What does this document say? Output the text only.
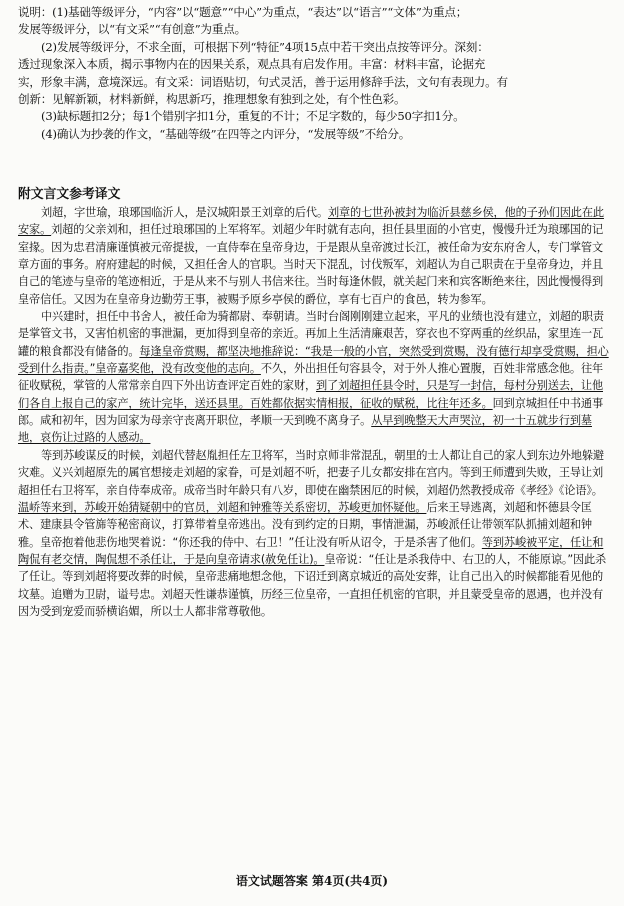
说明：(1)基础等级评分，“内容”以“题意”“中心”为重点，“表达”以“语言”“文体”为重点；

发展等级评分，以“有文采”“有创意”为重点。

(2)发展等级评分，不求全面，可根据下列“特征”4项15点中若干突出点按等评分。深刻：

透过现象深入本质，揭示事物内在的因果关系，观点具有启发作用。丰富：材料丰富，论据充

实，形象丰满，意境深远。有文采：词语贴切，句式灵活，善于运用修辞手法，文句有表现力。有

创新：见解新颖，材料新鲜，构思新巧，推理想象有独到之处，有个性色彩。

(3)缺标题扣2分；每1个错别字扣1分，重复的不计；不足字数的，每少50字扣1分。

(4)确认为抄袭的作文，“基础等级”在四等之内评分，“发展等级”不给分。

附文言文参考译文

刘超，字世瑜，琅琊国临沂人，是汉城阳景王刘章的后代。刘章的七世孙被封为临沂县慈乡侯，他的子孙们因此在此安家。刘超的父亲刘和，担任过琅琊国的上军将军。刘超少年时就有志向，担任县里面的小官吏，慢慢升迁为琅琊国的记室掾。因为忠君清廉谨慎被元帝提拔，一直侍奉在皇帝身边，于是跟从皇帝渡过长江，被任命为安东府舍人，专门掌管文章方面的事务。府府建起的时候，又担任舍人的官职。当时天下混乱，讨伐叛军，刘超认为自己职责在于皇帝身边，并且自己的笔迹与皇帝的笔迹相近，于是从来不与别人书信来往。当时每逢休假，就关起门来和宾客断绝来往，因此慢慢得到皇帝信任。又因为在皇帝身边勤劳王事，被赐予原乡亭侯的爵位，享有七百户的食邑，转为参军。

中兴建时，担任中书舍人，被任命为骑都尉、奉朝请。当时台阁刚刚建立起来，平凡的业绩也没有建立，刘超的职责是掌管文书，又害怕机密的事泄漏，更加得到皇帝的亲近。再加上生活清廉艰苦，穿衣也不穿两重的丝织品，家里连一瓦罐的粮食都没有储备的。每逢皇帝赏赐，都坚决地推辞说：“我是一般的小官，突然受到赏赐，没有德行却享受赏赐，担心受到什么指责。”皇帝嘉奖他，没有改变他的志向。不久，外出担任句容县令，对于外人推心置腹，百姓非常感念他。往年征收赋税，掌管的人常常亲自四下外出访查评定百姓的家财，到了刘超担任县令时，只是写一封信，每村分别送去，让他们各自上报自己的家产，统计完毕，送还县里。百姓都依据实情相报，征收的赋税，比往年还多。回到京城担任中书通事郎。咸和初年，因为回家为母亲守丧离开职位，孝顺一天到晚不离身子。从早到晚整天大声哭泣，初一十五就步行到墓地，哀伤让过路的人感动。

等到苏峻谋反的时候，刘超代替赵胤担任左卫将军，当时京师非常混乱，朝里的士人都让自己的家人到东边外地躲避灾难。义兴刘超原先的属官想接走刘超的家眷，可是刘超不听，把妻子儿女都安排在宫内。等到王师遭到失败，王导让刘超担任右卫将军，亲自侍奉成帝。成帝当时年龄只有八岁，即使在幽禁困厄的时候，刘超仍然教授成帝《孝经》《论语》。温峤等来到，苏峻开始猜疑朝中的官员，刘超和钟雅等关系密切，苏峻更加怀疑他。后来王导逃离，刘超和怀德县令匡术、建康县令管旆等秘密商议，打算带着皇帝逃出。没有到约定的日期，事情泄漏，苏峻派任让带领军队抓捕刘超和钟雅。皇帝抱着他悲伤地哭着说：“你还我的侍中、右卫！”任让没有听从诏令，于是杀害了他们。等到苏峻被平定，任让和陶侃有老交情，陶侃想不杀任让，于是向皇帝请求(赦免任让)。皇帝说：“任让是杀我侍中、右卫的人，不能原谅。”因此杀了任让。等到刘超将要改葬的时候，皇帝悲痛地想念他，下诏迁到离京城近的高处安葬，让自己出入的时候都能看见他的坟墓。追赠为卫尉，谥号忠。刘超天性谦恭谨慎，历经三位皇帝，一直担任机密的官职，并且蒙受皇帝的恩遇，也并没有因为受到宠爱而骄横谄媚，所以士人都非常尊敬他。

语文试题答案 第4页(共4页)
